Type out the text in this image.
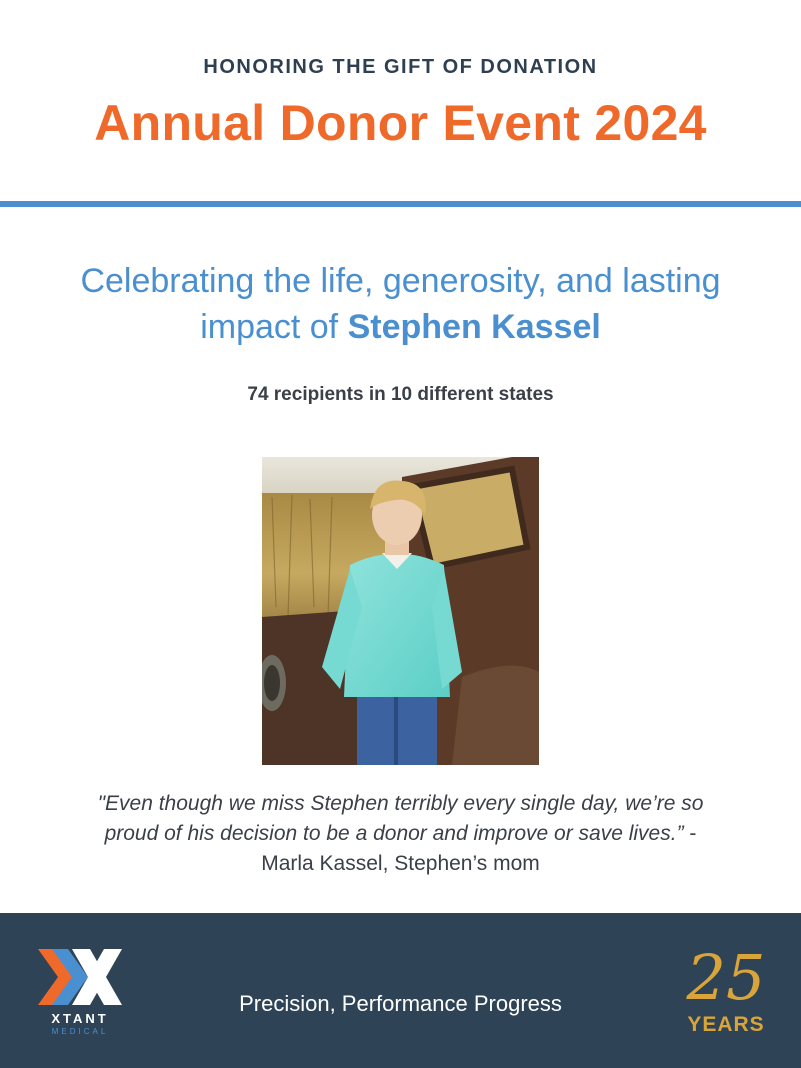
HONORING THE GIFT OF DONATION
Annual Donor Event 2024
Celebrating the life, generosity, and lasting impact of Stephen Kassel
74 recipients in 10 different states
"Even though we miss Stephen terribly every single day, we’re so proud of his decision to be a donor and improve or save lives.” - Marla Kassel, Stephen’s mom
XTANT
MEDICAL
Precision, Performance Progress	25
YEARS
